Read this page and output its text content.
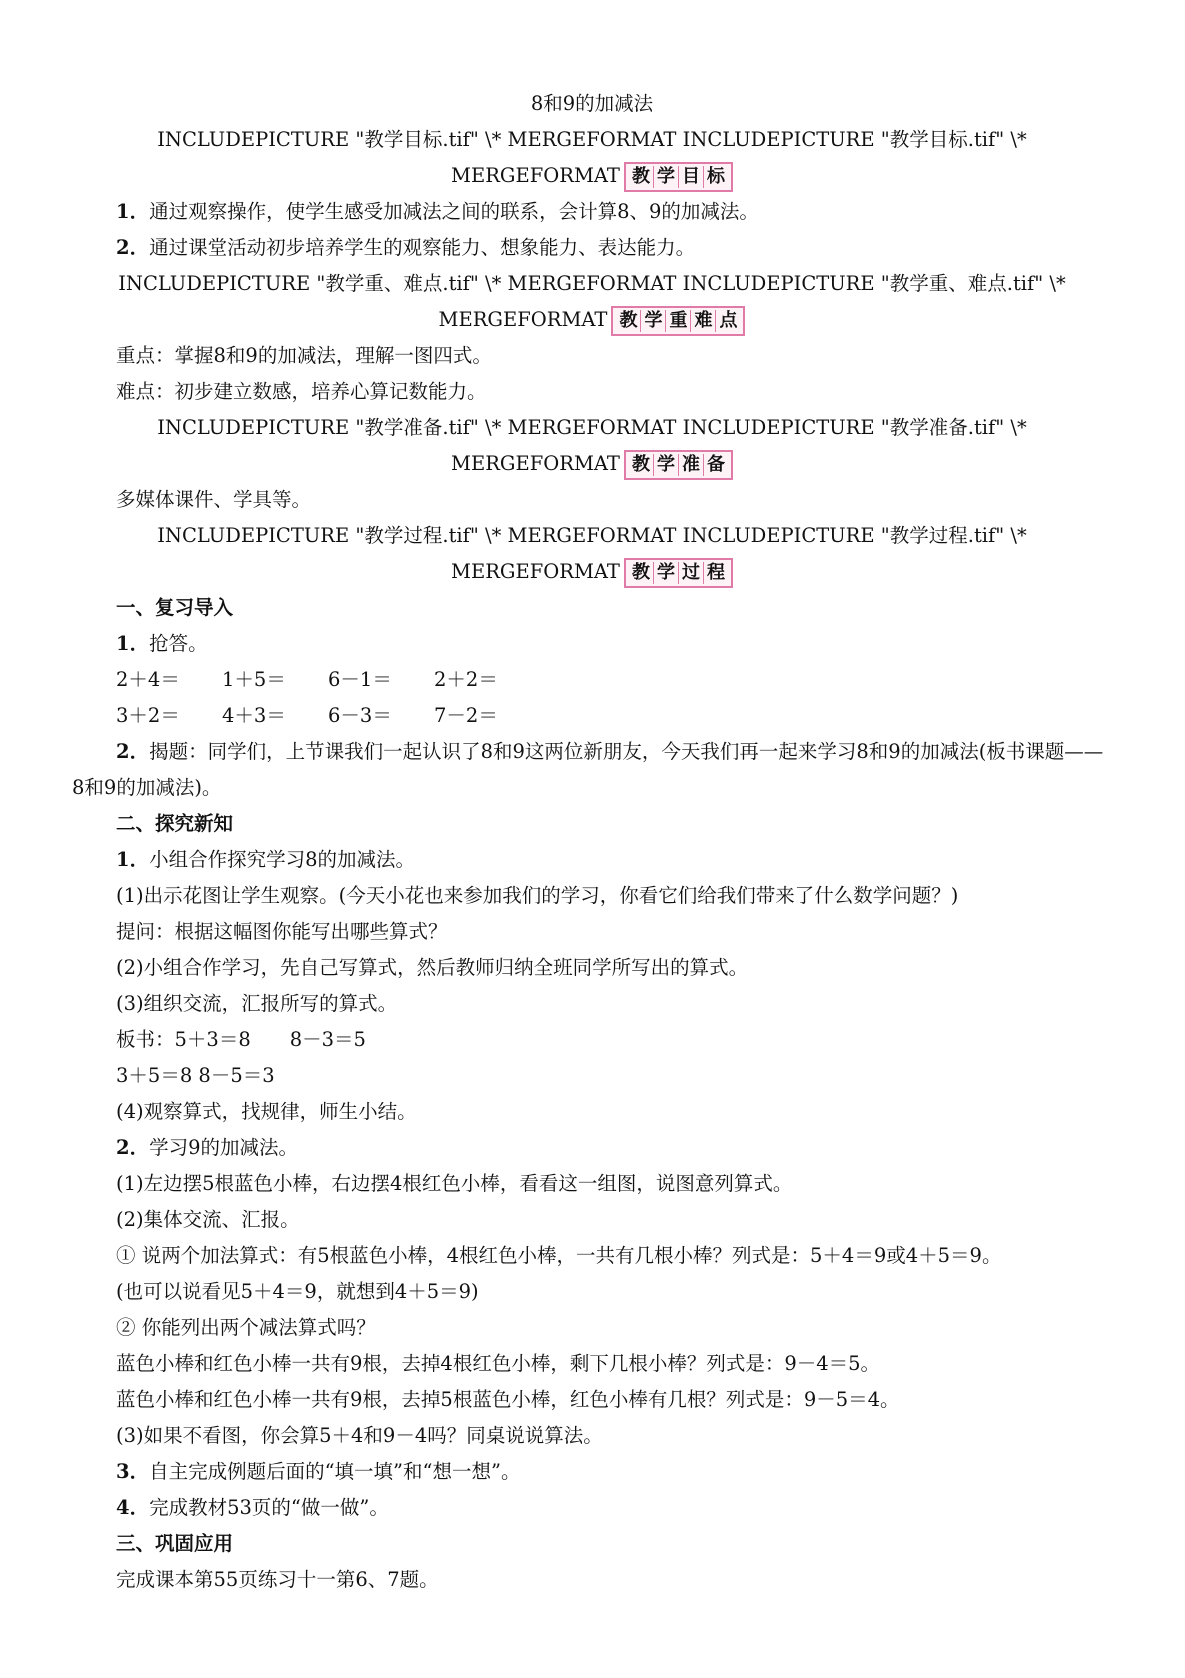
8和9的加减法
INCLUDEPICTURE "教学目标.tif" \* MERGEFORMAT INCLUDEPICTURE "教学目标.tif" \*
MERGEFORMAT 教 学 目 标
1．通过观察操作，使学生感受加减法之间的联系，会计算8、9的加减法。
2．通过课堂活动初步培养学生的观察能力、想象能力、表达能力。
INCLUDEPICTURE "教学重、难点.tif" \* MERGEFORMAT INCLUDEPICTURE "教学重、难点.tif" \*
MERGEFORMAT 教 学 重 难 点
重点：掌握8和9的加减法，理解一图四式。
难点：初步建立数感，培养心算记数能力。
INCLUDEPICTURE "教学准备.tif" \* MERGEFORMAT INCLUDEPICTURE "教学准备.tif" \*
MERGEFORMAT 教 学 准 备
多媒体课件、学具等。
INCLUDEPICTURE "教学过程.tif" \* MERGEFORMAT INCLUDEPICTURE "教学过程.tif" \*
MERGEFORMAT 教 学 过 程
一、复习导入
1．抢答。
2＋4＝ 1＋5＝ 6－1＝ 2＋2＝
3＋2＝ 4＋3＝ 6－3＝ 7－2＝
2．揭题：同学们，上节课我们一起认识了8和9这两位新朋友，今天我们再一起来学习8和9的加减法(板书课题——8和9的加减法)。
二、探究新知
1．小组合作探究学习8的加减法。
(1)出示花图让学生观察。(今天小花也来参加我们的学习，你看它们给我们带来了什么数学问题？)
提问：根据这幅图你能写出哪些算式？
(2)小组合作学习，先自己写算式，然后教师归纳全班同学所写出的算式。
(3)组织交流，汇报所写的算式。
板书：5＋3＝8　　8－3＝5
3＋5＝8 8－5＝3
(4)观察算式，找规律，师生小结。
2．学习9的加减法。
(1)左边摆5根蓝色小棒，右边摆4根红色小棒，看看这一组图，说图意列算式。
(2)集体交流、汇报。
① 说两个加法算式：有5根蓝色小棒，4根红色小棒，一共有几根小棒？列式是：5＋4＝9或4＋5＝9。
(也可以说看见5＋4＝9，就想到4＋5＝9)
② 你能列出两个减法算式吗？
蓝色小棒和红色小棒一共有9根，去掉4根红色小棒，剩下几根小棒？列式是：9－4＝5。
蓝色小棒和红色小棒一共有9根，去掉5根蓝色小棒，红色小棒有几根？列式是：9－5＝4。
(3)如果不看图，你会算5＋4和9－4吗？同桌说说算法。
3．自主完成例题后面的“填一填”和“想一想”。
4．完成教材53页的“做一做”。
三、巩固应用
完成课本第55页练习十一第6、7题。
